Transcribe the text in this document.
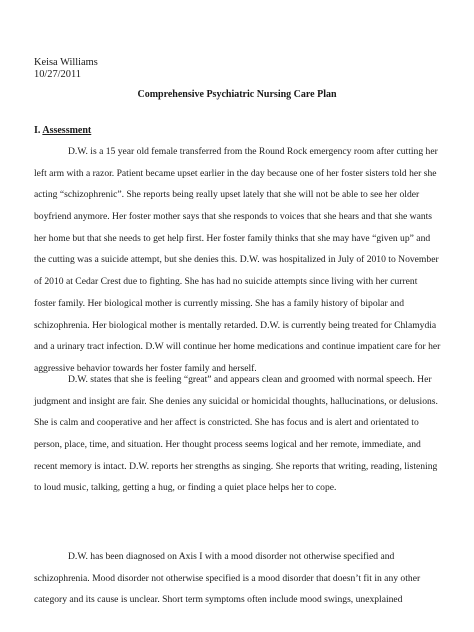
Keisa Williams
10/27/2011
Comprehensive Psychiatric Nursing Care Plan
I. Assessment
D.W. is a 15 year old female transferred from the Round Rock emergency room after cutting her
left arm with a razor. Patient became upset earlier in the day because one of her foster sisters told her she
acting “schizophrenic”. She reports being really upset lately that she will not be able to see her older
boyfriend anymore. Her foster mother says that she responds to voices that she hears and that she wants
her home but that she needs to get help first. Her foster family thinks that she may have “given up” and
the cutting was a suicide attempt, but she denies this. D.W. was hospitalized in July of 2010 to November
of 2010 at Cedar Crest due to fighting. She has had no suicide attempts since living with her current
foster family. Her biological mother is currently missing. She has a family history of bipolar and
schizophrenia. Her biological mother is mentally retarded. D.W. is currently being treated for Chlamydia
and a urinary tract infection. D.W will continue her home medications and continue impatient care for her
aggressive behavior towards her foster family and herself.
D.W. states that she is feeling “great” and appears clean and groomed with normal speech. Her
judgment and insight are fair. She denies any suicidal or homicidal thoughts, hallucinations, or delusions.
She is calm and cooperative and her affect is constricted. She has focus and is alert and orientated to
person, place, time, and situation. Her thought process seems logical and her remote, immediate, and
recent memory is intact. D.W. reports her strengths as singing. She reports that writing, reading, listening
to loud music, talking, getting a hug, or finding a quiet place helps her to cope.
D.W. has been diagnosed on Axis I with a mood disorder not otherwise specified and
schizophrenia. Mood disorder not otherwise specified is a mood disorder that doesn’t fit in any other
category and its cause is unclear. Short term symptoms often include mood swings, unexplained
